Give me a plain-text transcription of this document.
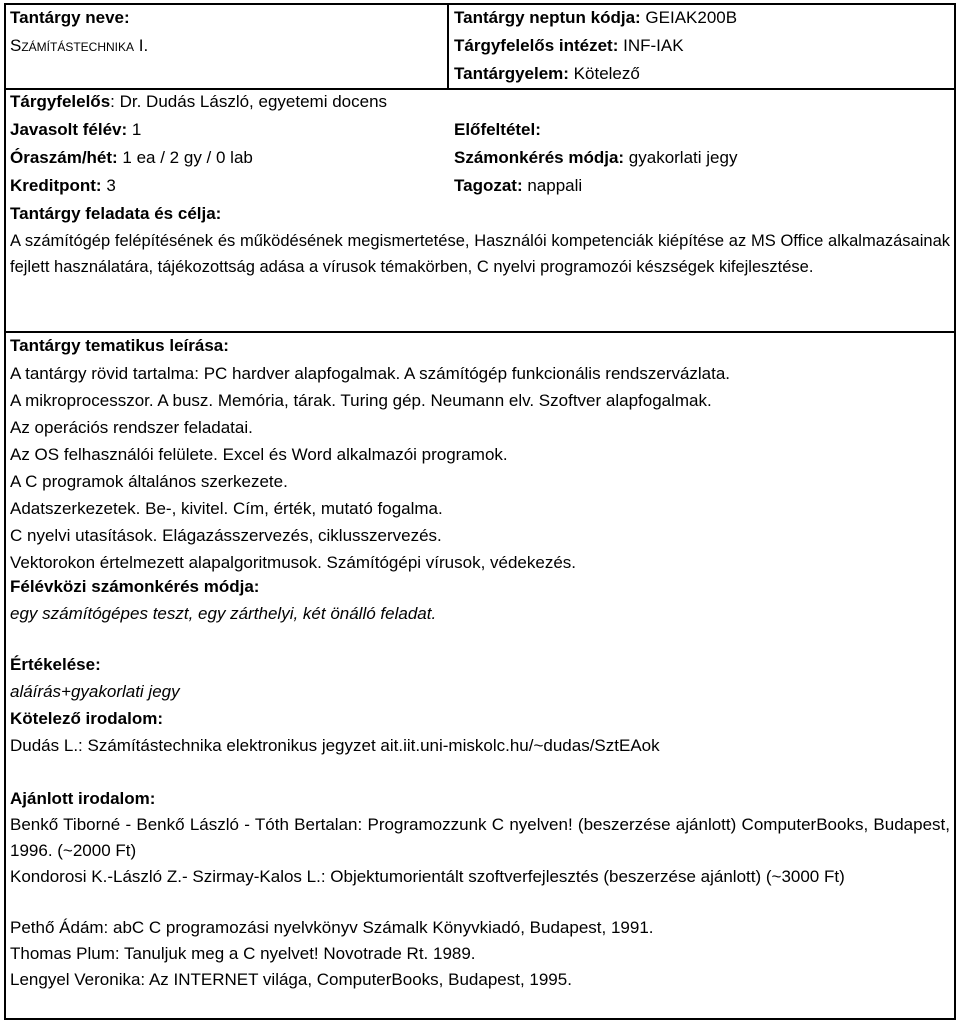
Tantárgy neve:
Számítástechnika I.
Tantárgy neptun kódja: GEIAK200B
Tárgyfelelős intézet: INF-IAK
Tantárgyelem: Kötelező
Tárgyfelelős: Dr. Dudás László, egyetemi docens
Javasolt félév: 1	Előfeltétel:
Óraszám/hét: 1 ea / 2 gy / 0 lab	Számonkérés módja: gyakorlati jegy
Kreditpont: 3	Tagozat: nappali
Tantárgy feladata és célja:
A számítógép felépítésének és működésének megismertetése, Használói kompetenciák kiépítése az MS Office alkalmazásainak fejlett használatára, tájékozottság adása a vírusok témakörben, C nyelvi programozói készségek kifejlesztése.
Tantárgy tematikus leírása:
A tantárgy rövid tartalma: PC hardver alapfogalmak. A számítógép funkcionális rendszervázlata.
A mikroprocesszor. A busz. Memória, tárak. Turing gép. Neumann elv. Szoftver alapfogalmak.
Az operációs rendszer feladatai.
Az OS felhasználói felülete. Excel és Word alkalmazói programok.
A C programok általános szerkezete.
Adatszerkezetek. Be-, kivitel. Cím, érték, mutató fogalma.
C nyelvi utasítások. Elágazásszervezés, ciklusszervezés.
Vektorokon értelmezett alapalgoritmusok. Számítógépi vírusok, védekezés.
Félévközi számonkérés módja:
egy számítógépes teszt, egy zárthelyi, két önálló feladat.
Értékelése:
aláírás+gyakorlati jegy
Kötelező irodalom:
Dudás L.: Számítástechnika elektronikus jegyzet ait.iit.uni-miskolc.hu/~dudas/SztEAok
Ajánlott irodalom:
Benkő Tiborné - Benkő László - Tóth Bertalan: Programozzunk C nyelven! (beszerzése ajánlott) ComputerBooks, Budapest, 1996. (~2000 Ft)
Kondorosi K.-László Z.- Szirmay-Kalos L.: Objektumorientált szoftverfejlesztés (beszerzése ajánlott) (~3000 Ft)
Pethő Ádám: abC C programozási nyelvkönyv Számalk Könyvkiadó, Budapest, 1991.
Thomas Plum: Tanuljuk meg a C nyelvet! Novotrade Rt. 1989.
Lengyel Veronika: Az INTERNET világa, ComputerBooks, Budapest, 1995.
